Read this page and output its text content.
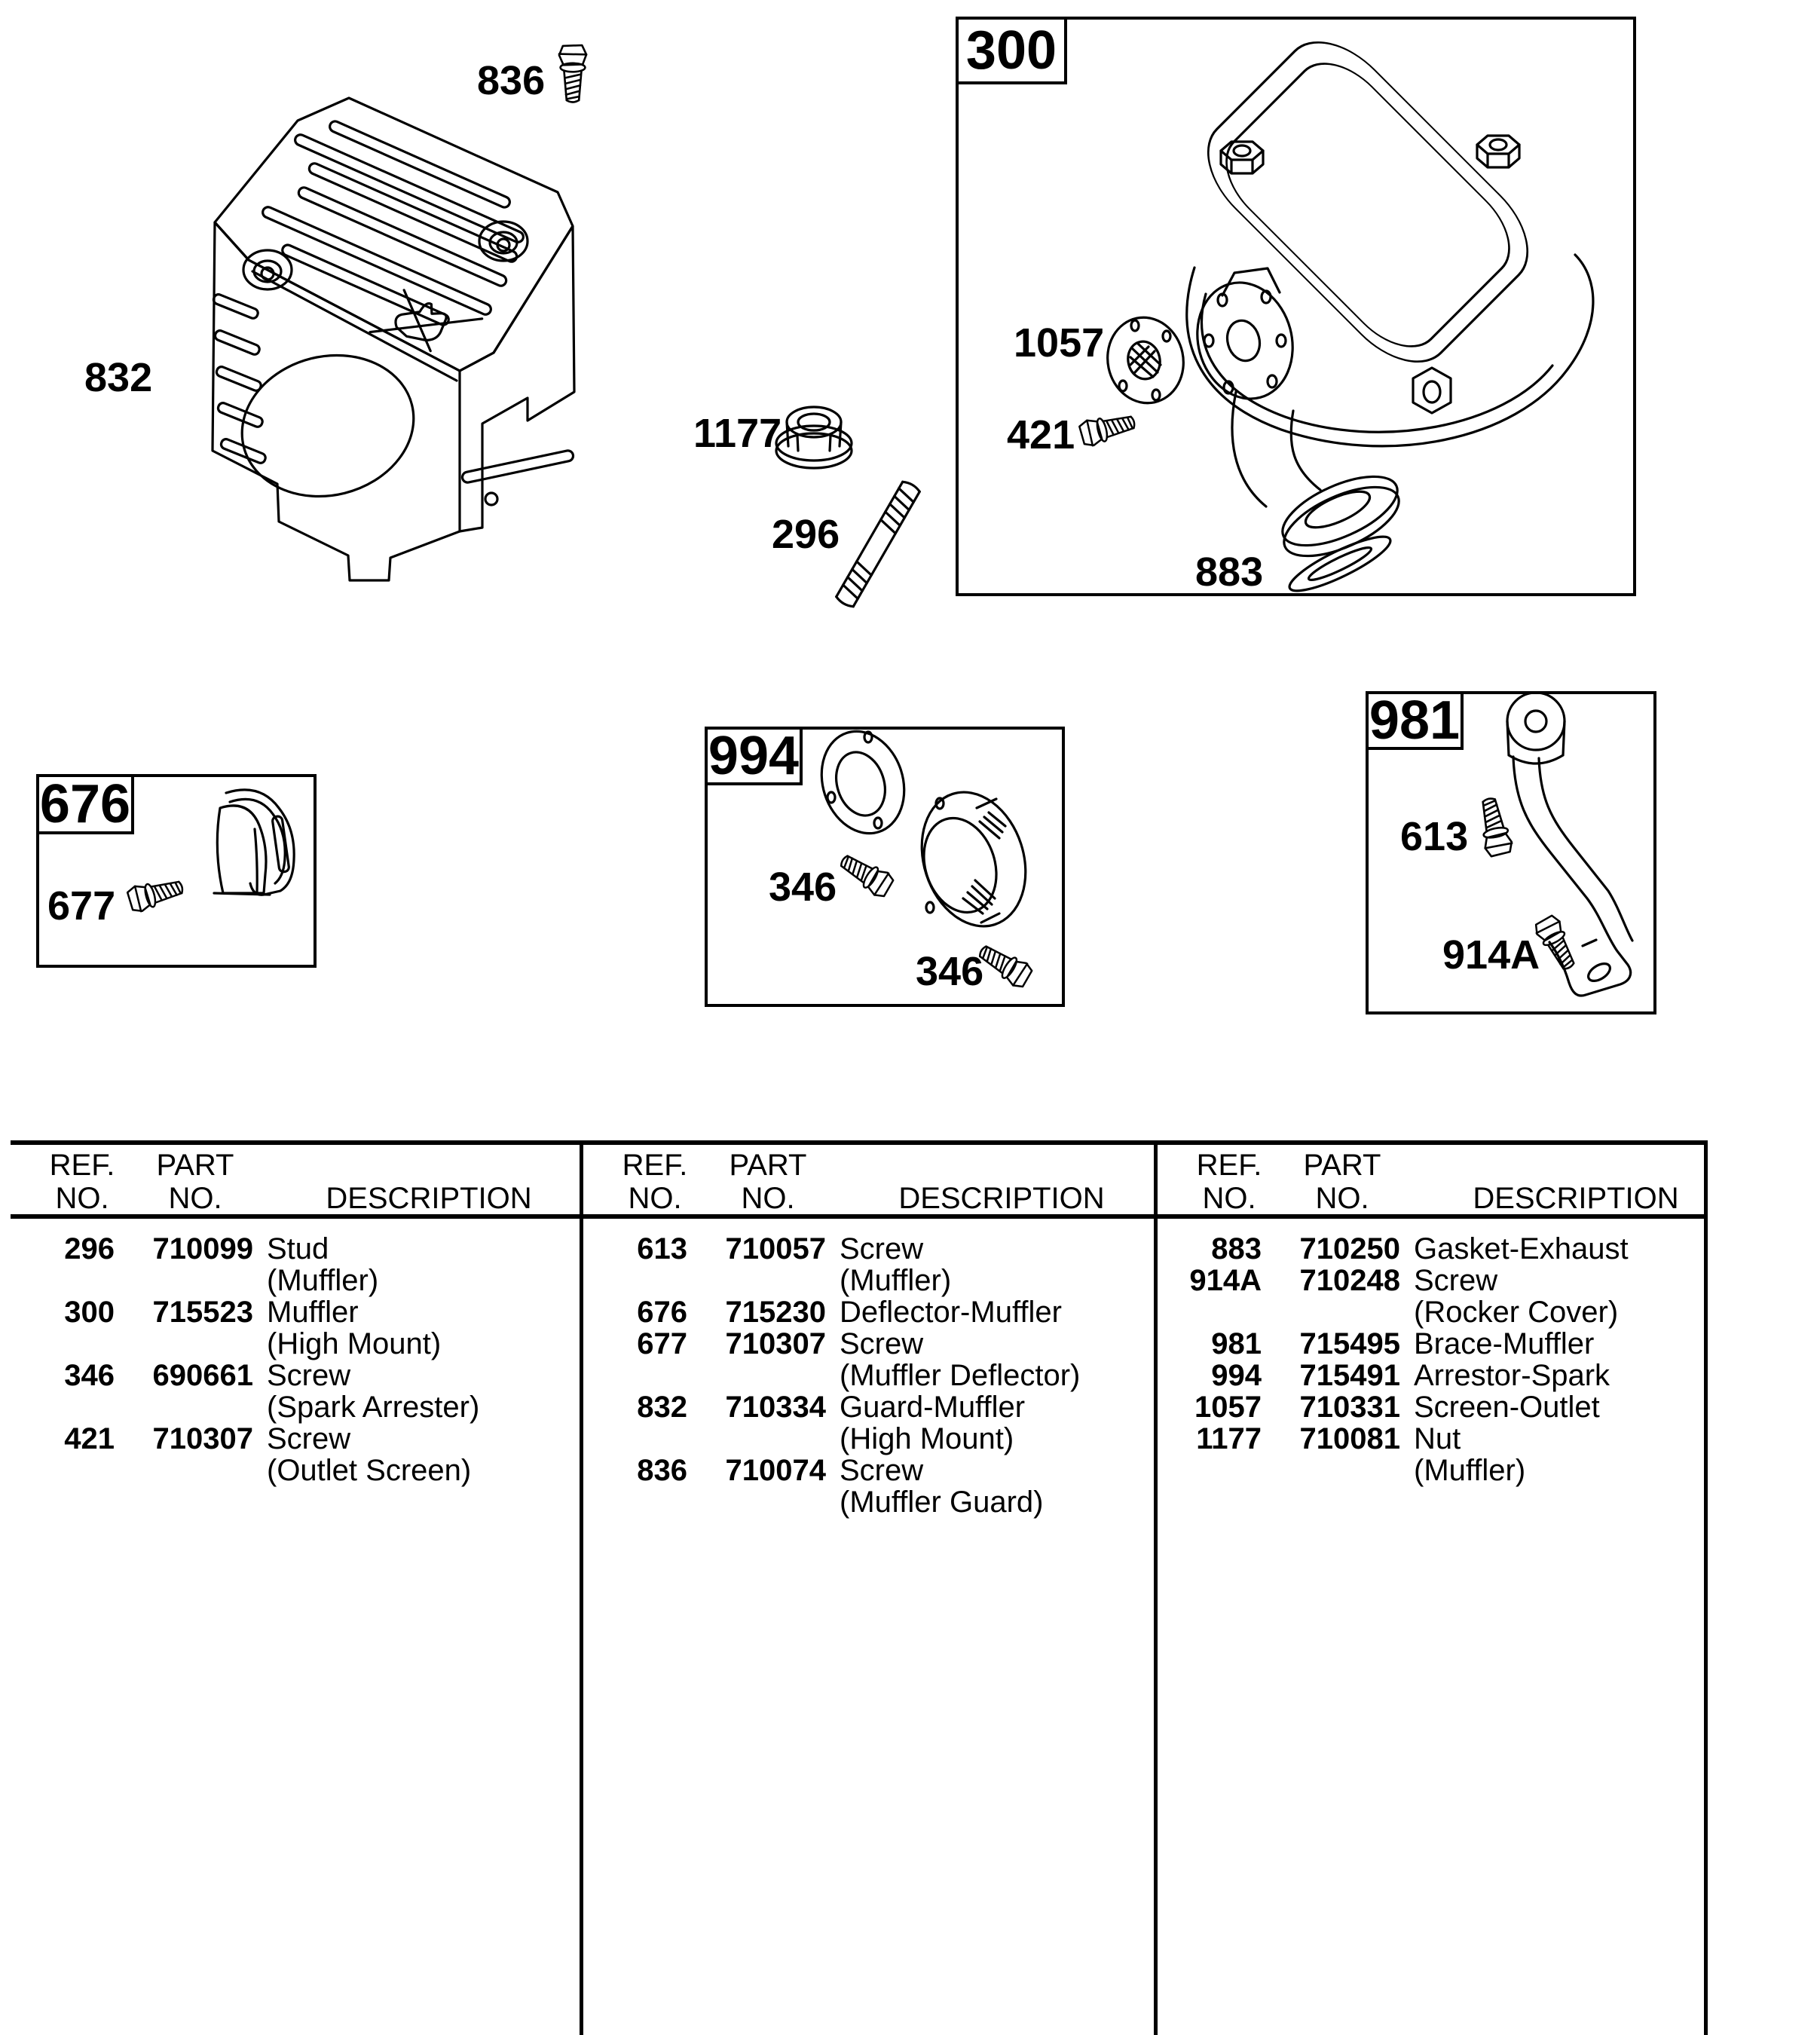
300
676
994
981
836
832
1057
421
883
1177
296
677	346
346
613
914A
REF.
NO.
PART
NO.	DESCRIPTION
296	710099 Stud
(Muffler)
300	715523 Muffler
(High Mount)
346	690661 Screw
(Spark Arrester)
421	710307 Screw
(Outlet Screen)
REF.
NO.
PART
NO.	DESCRIPTION
613	710057 Screw
(Muffler)
676	715230 Deflector-Muffler
677	710307 Screw
(Muffler Deflector)
832	710334 Guard-Muffler
(High Mount)
836	710074 Screw
(Muffler Guard)
REF.
NO.
PART
NO.	DESCRIPTION
883	710250 Gasket-Exhaust
914A	710248 Screw
(Rocker Cover)
981	715495 Brace-Muffler
994	715491 Arrestor-Spark
1057	710331 Screen-Outlet
1177	710081 Nut
(Muffler)
